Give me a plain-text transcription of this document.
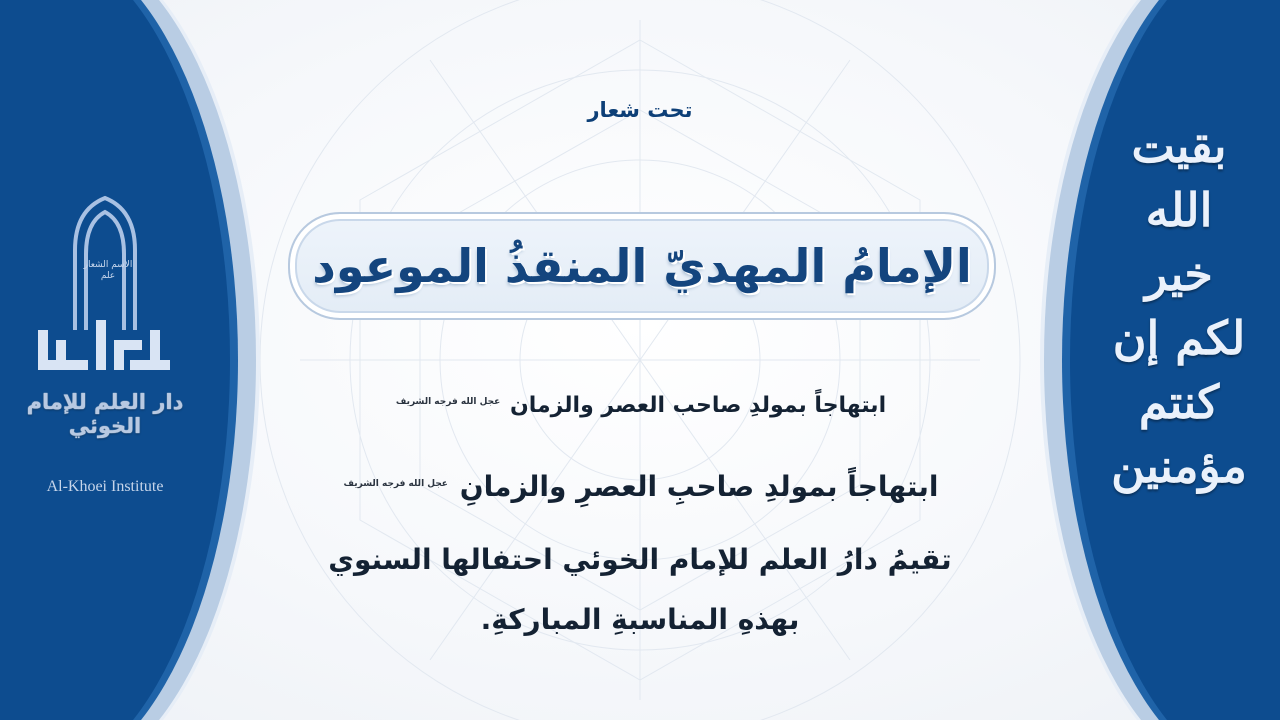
الاسم الشعار علم
دار العلم للإمام الخوئي
Al-Khoei Institute
بقيت الله خير لكم إن كنتم مؤمنين
تحت شعار
الإمامُ المهديّ المنقذُ الموعود
ابتهاجاً بمولدِ صاحب العصر والزمان عجل الله فرجه الشريف
ابتهاجاً بمولدِ صاحبِ العصرِ والزمانِ عجل الله فرجه الشريف
تقيمُ دارُ العلم للإمام الخوئي احتفالها السنوي
بهذهِ المناسبةِ المباركةِ.
